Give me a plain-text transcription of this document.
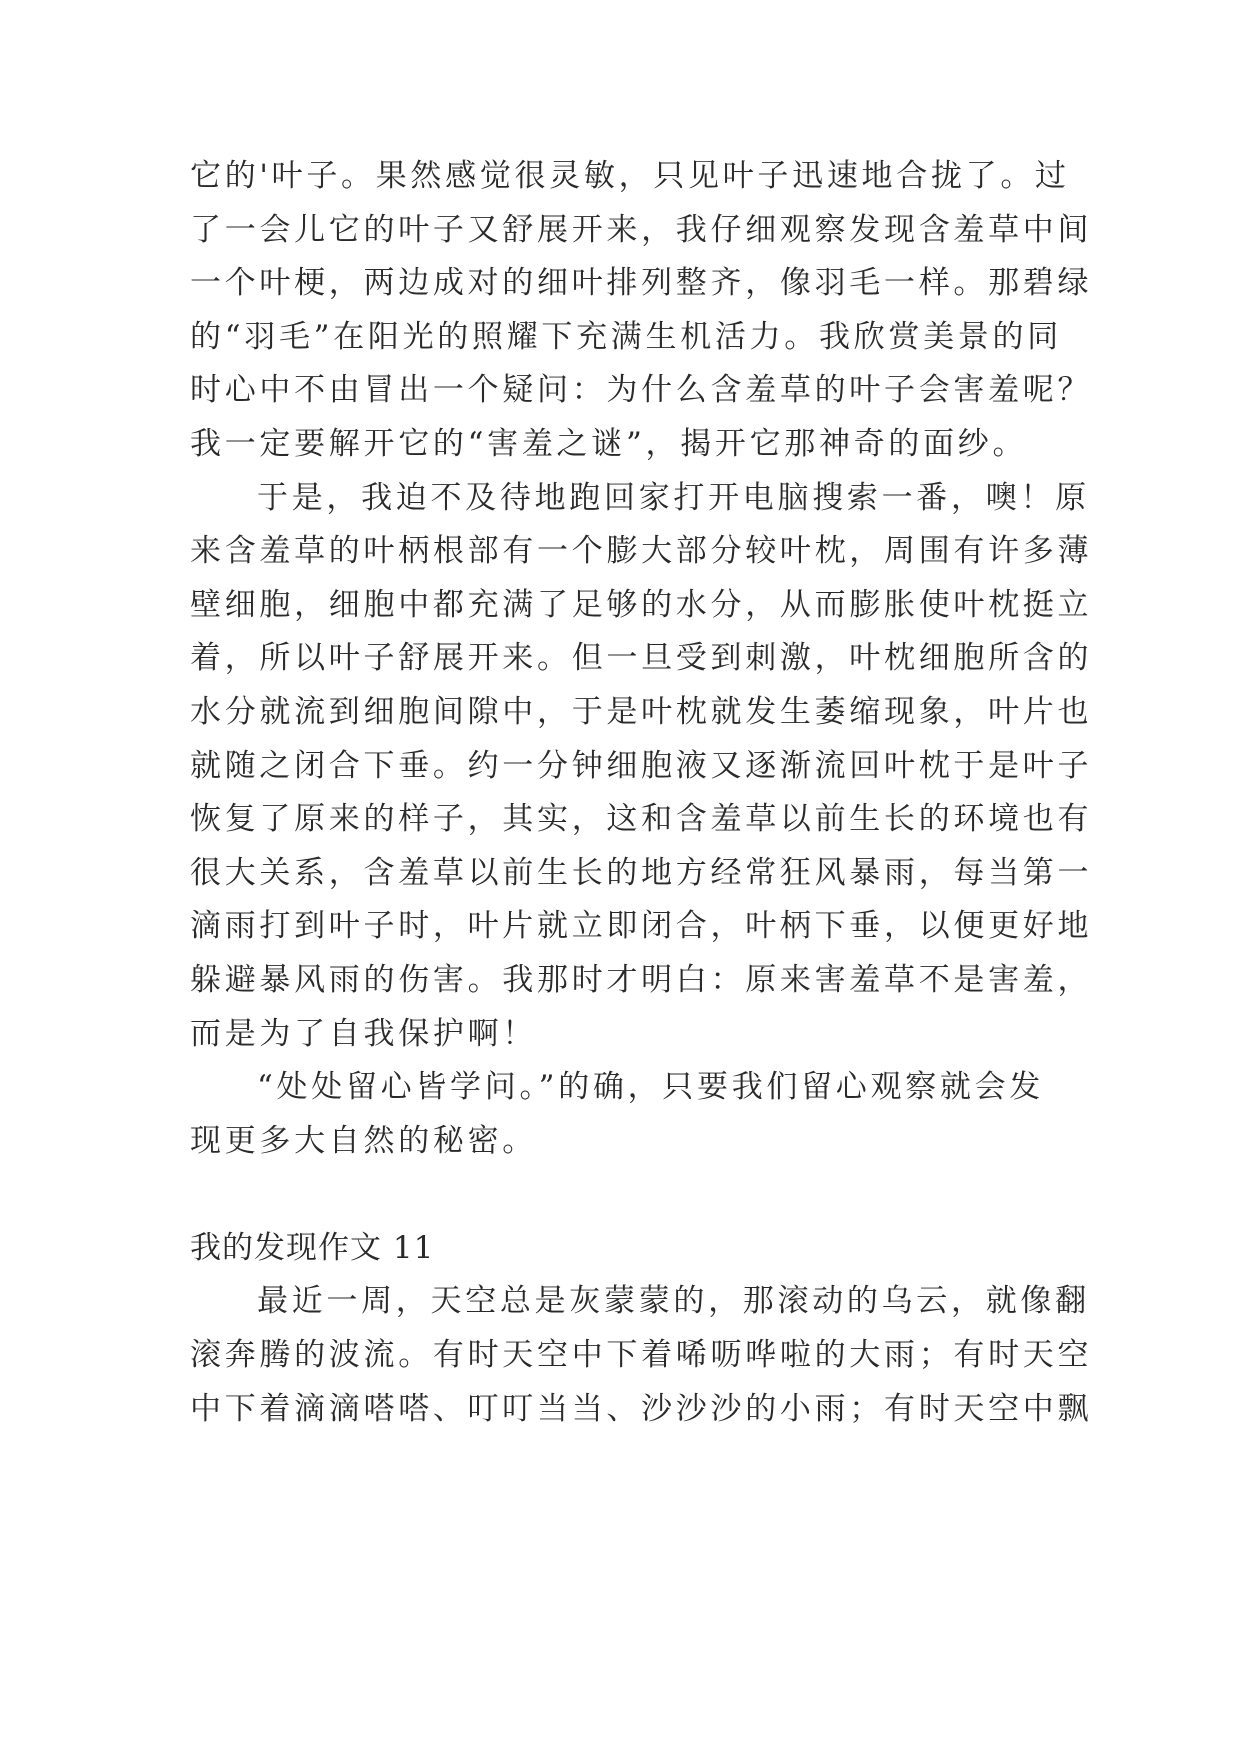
它的'叶子。果然感觉很灵敏，只见叶子迅速地合拢了。过
了一会儿它的叶子又舒展开来，我仔细观察发现含羞草中间
一个叶梗，两边成对的细叶排列整齐，像羽毛一样。那碧绿
的“羽毛”在阳光的照耀下充满生机活力。我欣赏美景的同
时心中不由冒出一个疑问：为什么含羞草的叶子会害羞呢？
我一定要解开它的“害羞之谜”，揭开它那神奇的面纱。
于是，我迫不及待地跑回家打开电脑搜索一番，噢！原
来含羞草的叶柄根部有一个膨大部分较叶枕，周围有许多薄
壁细胞，细胞中都充满了足够的水分，从而膨胀使叶枕挺立
着，所以叶子舒展开来。但一旦受到刺激，叶枕细胞所含的
水分就流到细胞间隙中，于是叶枕就发生萎缩现象，叶片也
就随之闭合下垂。约一分钟细胞液又逐渐流回叶枕于是叶子
恢复了原来的样子，其实，这和含羞草以前生长的环境也有
很大关系，含羞草以前生长的地方经常狂风暴雨，每当第一
滴雨打到叶子时，叶片就立即闭合，叶柄下垂，以便更好地
躲避暴风雨的伤害。我那时才明白：原来害羞草不是害羞，
而是为了自我保护啊！
“处处留心皆学问。”的确，只要我们留心观察就会发
现更多大自然的秘密。
我的发现作文 11
最近一周，天空总是灰蒙蒙的，那滚动的乌云，就像翻
滚奔腾的波流。有时天空中下着唏呖哗啦的大雨；有时天空
中下着滴滴嗒嗒、叮叮当当、沙沙沙的小雨；有时天空中飘
